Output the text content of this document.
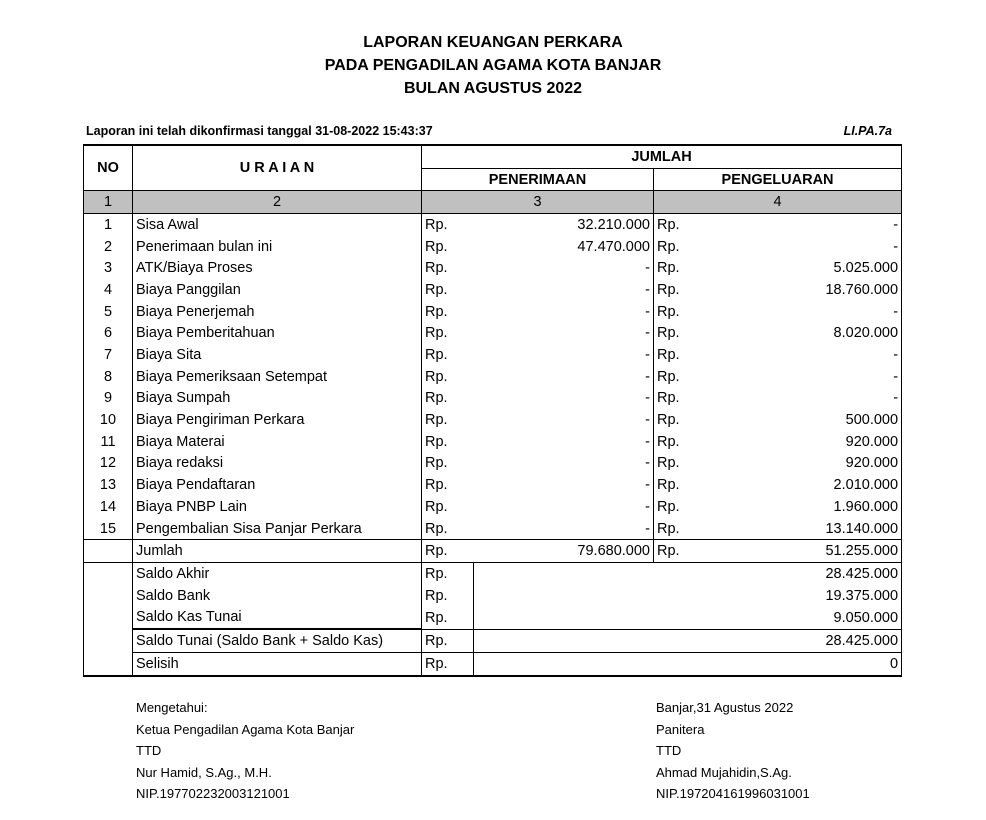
LAPORAN KEUANGAN PERKARA
PADA PENGADILAN AGAMA KOTA BANJAR
BULAN AGUSTUS 2022
Laporan ini telah dikonfirmasi tanggal 31-08-2022 15:43:37	LI.PA.7a
NO	U R A I A N	JUMLAH			
		PENERIMAAN		PENGELUARAN	
1	2	3		4	
1	Sisa Awal	Rp.	32.210.000	Rp.	-
2	Penerimaan bulan ini	Rp.	47.470.000	Rp.	-
3	ATK/Biaya Proses	Rp.	-	Rp.	5.025.000
4	Biaya Panggilan	Rp.	-	Rp.	18.760.000
5	Biaya Penerjemah	Rp.	-	Rp.	-
6	Biaya Pemberitahuan	Rp.	-	Rp.	8.020.000
7	Biaya Sita	Rp.	-	Rp.	-
8	Biaya Pemeriksaan Setempat	Rp.	-	Rp.	-
9	Biaya Sumpah	Rp.	-	Rp.	-
10	Biaya Pengiriman Perkara	Rp.	-	Rp.	500.000
11	Biaya Materai	Rp.	-	Rp.	920.000
12	Biaya redaksi	Rp.	-	Rp.	920.000
13	Biaya Pendaftaran	Rp.	-	Rp.	2.010.000
14	Biaya PNBP Lain	Rp.	-	Rp.	1.960.000
15	Pengembalian Sisa Panjar Perkara	Rp.	-	Rp.	13.140.000
	Jumlah	Rp.	79.680.000	Rp.	51.255.000
	Saldo Akhir	Rp.	28.425.000		
	Saldo Bank	Rp.	19.375.000		
	Saldo Kas Tunai	Rp.	9.050.000		
	Saldo Tunai (Saldo Bank + Saldo Kas)	Rp.	28.425.000		
	Selisih	Rp.	0		
Mengetahui:
Ketua Pengadilan Agama Kota Banjar
TTD
Nur Hamid, S.Ag., M.H.
NIP.197702232003121001
Banjar,31 Agustus 2022
Panitera
TTD
Ahmad Mujahidin,S.Ag.
NIP.197204161996031001
